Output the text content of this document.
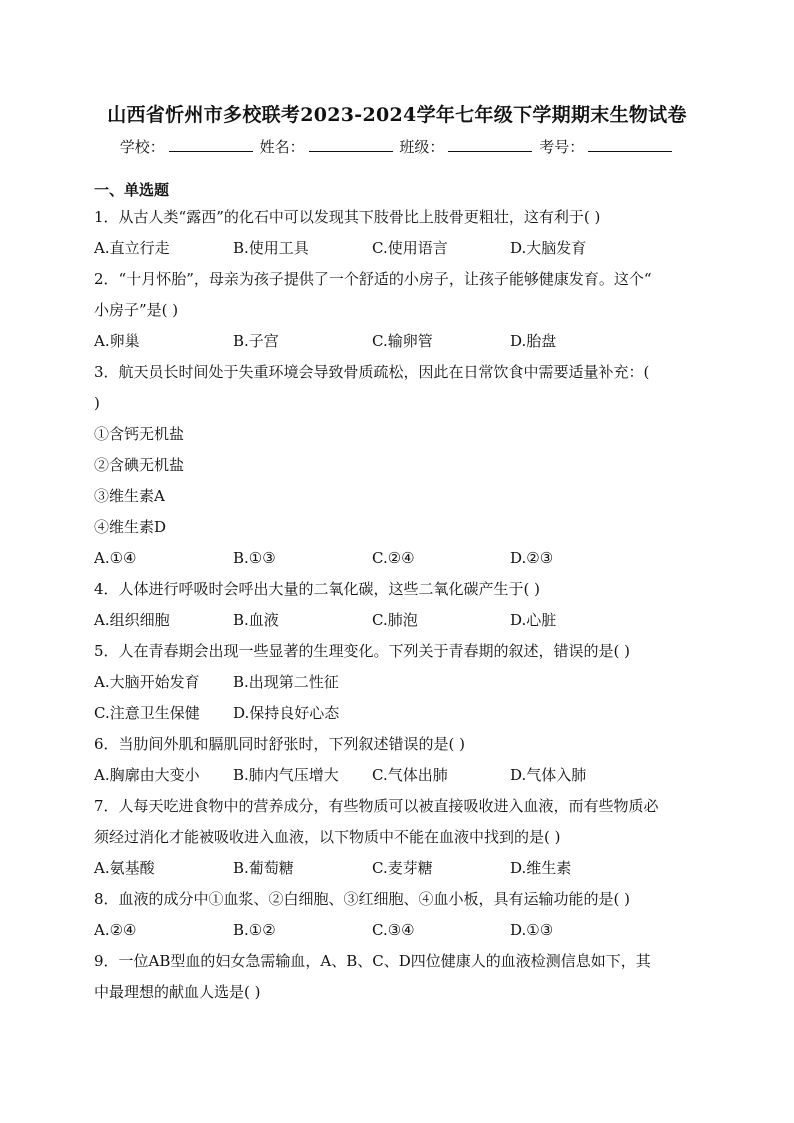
山西省忻州市多校联考2023-2024学年七年级下学期期末生物试卷
学校：	姓名：	班级：	考号：
一、单选题
1．从古人类“露西”的化石中可以发现其下肢骨比上肢骨更粗壮，这有利于( )
A.直立行走	B.使用工具	C.使用语言	D.大脑发育
2．“十月怀胎”，母亲为孩子提供了一个舒适的小房子，让孩子能够健康发育。这个“
小房子”是( )
A.卵巢	B.子宫	C.输卵管	D.胎盘
3．航天员长时间处于失重环境会导致骨质疏松，因此在日常饮食中需要适量补充：(
)
①含钙无机盐
②含碘无机盐
③维生素A
④维生素D
A.①④	B.①③	C.②④	D.②③
4．人体进行呼吸时会呼出大量的二氧化碳，这些二氧化碳产生于( )
A.组织细胞	B.血液	C.肺泡	D.心脏
5．人在青春期会出现一些显著的生理变化。下列关于青春期的叙述，错误的是( )
A.大脑开始发育 B.出现第二性征
C.注意卫生保健 D.保持良好心态
6．当肋间外肌和膈肌同时舒张时，下列叙述错误的是( )
A.胸廓由大变小 B.肺内气压增大 C.气体出肺	D.气体入肺
7．人每天吃进食物中的营养成分，有些物质可以被直接吸收进入血液，而有些物质必
须经过消化才能被吸收进入血液，以下物质中不能在血液中找到的是( )
A.氨基酸	B.葡萄糖	C.麦芽糖	D.维生素
8．血液的成分中①血浆、②白细胞、③红细胞、④血小板，具有运输功能的是( )
A.②④	B.①②	C.③④	D.①③
9．一位AB型血的妇女急需输血，A、B、C、D四位健康人的血液检测信息如下，其
中最理想的献血人选是( )
